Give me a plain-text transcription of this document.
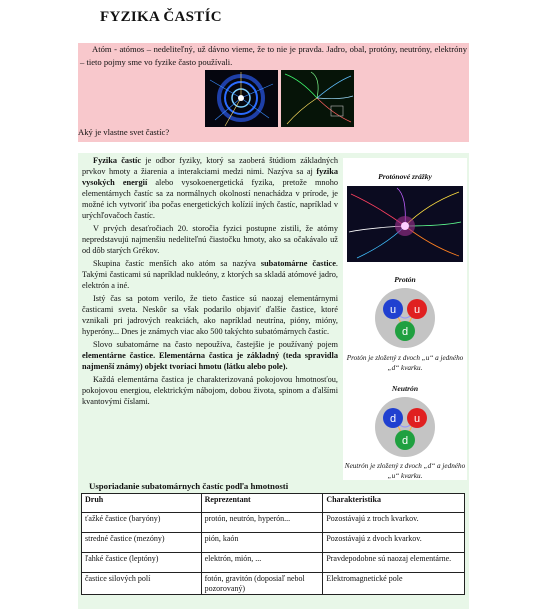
FYZIKA ČASTÍC
Atóm - atómos – nedeliteľný, už dávno vieme, že to nie je pravda. Jadro, obal, protóny, neutróny, elektróny – tieto pojmy sme vo fyzike často používali.
Aký je vlastne svet častíc?

Fyzika častíc je odbor fyziky, ktorý sa zaoberá štúdiom základných prvkov hmoty a žiarenia a interakciami medzi nimi. Nazýva sa aj fyzika vysokých energií alebo vysokoenergetická fyzika, pretože mnoho elementárnych častíc sa za normálnych okolností nenachádza v prírode, je možné ich vytvoriť iba počas energetických kolízií iných častíc, napríklad v urýchľovačoch častíc.

V prvých desaťročiach 20. storočia fyzici postupne zistili, že atómy nepredstavujú najmenšiu nedeliteľnú čiastočku hmoty, ako sa očakávalo už od dôb starých Grékov.

Skupina častíc menších ako atóm sa nazýva subatomárne častice. Takými časticami sú napríklad nukleóny, z ktorých sa skladá atómové jadro, elektrón a iné.

Istý čas sa potom verilo, že tieto častice sú naozaj elementárnymi časticami sveta. Neskôr sa však podarilo objaviť ďalšie častice, ktoré vznikali pri jadrových reakciách, ako napríklad neutrína, pióny, mióny, hyperóny... Dnes je známych viac ako 500 takýchto subatómárnych častíc.

Slovo subatomárne na často nepoužíva, častejšie je používaný pojem elementárne častice. Elementárna častica je základný (teda spravidla najmenší známy) objekt tvoriaci hmotu (látku alebo pole).

Každá elementárna častica je charakterizovaná pokojovou hmotnosťou, pokojovou energiou, elektrickým nábojom, dobou života, spinom a ďalšími kvantovými číslami.

Protónové zrážky
Protón
u u
d
Protón je zložený z dvoch „u“ a jedného „d“ kvarku.
Neutrón
d u
d
Neutrón je zložený z dvoch „d“ a jedného „u“ kvarku.
Usporiadanie subatomárnych častíc podľa hmotnosti
Druh	Reprezentant	Charakteristika
ťažké častice (baryóny)	protón, neutrón, hyperón...	Pozostávajú z troch kvarkov.
stredné častice (mezóny)	pión, kaón	Pozostávajú z dvoch kvarkov.
ľahké častice (leptóny)	elektrón, mión, ...	Pravdepodobne sú naozaj elementárne.
častice silových polí	fotón, gravitón (doposiaľ nebol pozorovaný)	Elektromagnetické pole
